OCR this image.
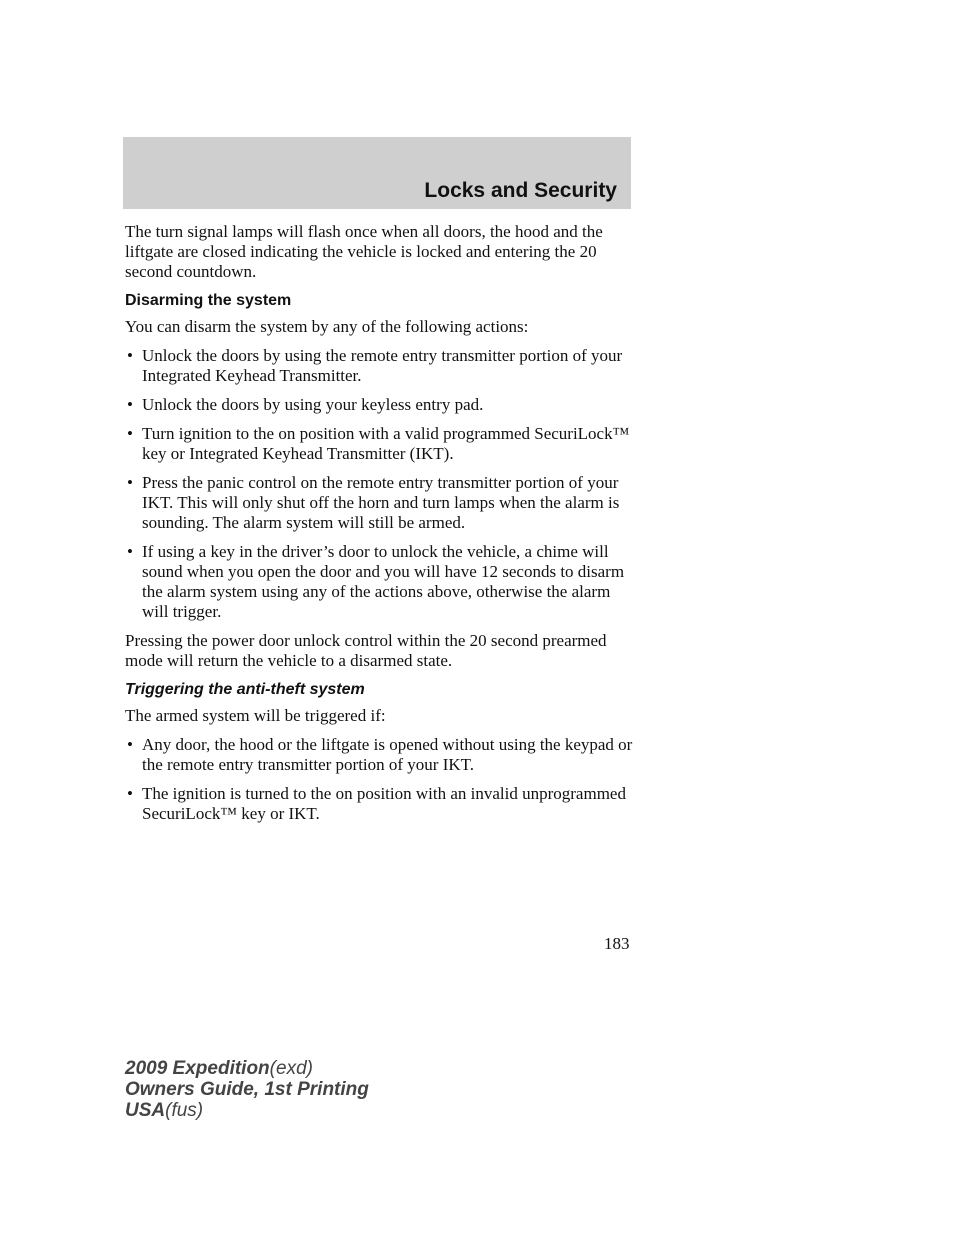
Locks and Security

The turn signal lamps will flash once when all doors, the hood and the liftgate are closed indicating the vehicle is locked and entering the 20 second countdown.

Disarming the system

You can disarm the system by any of the following actions:

• Unlock the doors by using the remote entry transmitter portion of your Integrated Keyhead Transmitter.
• Unlock the doors by using your keyless entry pad.
• Turn ignition to the on position with a valid programmed SecuriLock™ key or Integrated Keyhead Transmitter (IKT).
• Press the panic control on the remote entry transmitter portion of your IKT. This will only shut off the horn and turn lamps when the alarm is sounding. The alarm system will still be armed.
• If using a key in the driver’s door to unlock the vehicle, a chime will sound when you open the door and you will have 12 seconds to disarm the alarm system using any of the actions above, otherwise the alarm will trigger.

Pressing the power door unlock control within the 20 second prearmed mode will return the vehicle to a disarmed state.

Triggering the anti-theft system

The armed system will be triggered if:

• Any door, the hood or the liftgate is opened without using the keypad or the remote entry transmitter portion of your IKT.
• The ignition is turned to the on position with an invalid unprogrammed SecuriLock™ key or IKT.
183
2009 Expedition(exd)
Owners Guide, 1st Printing
USA(fus)
